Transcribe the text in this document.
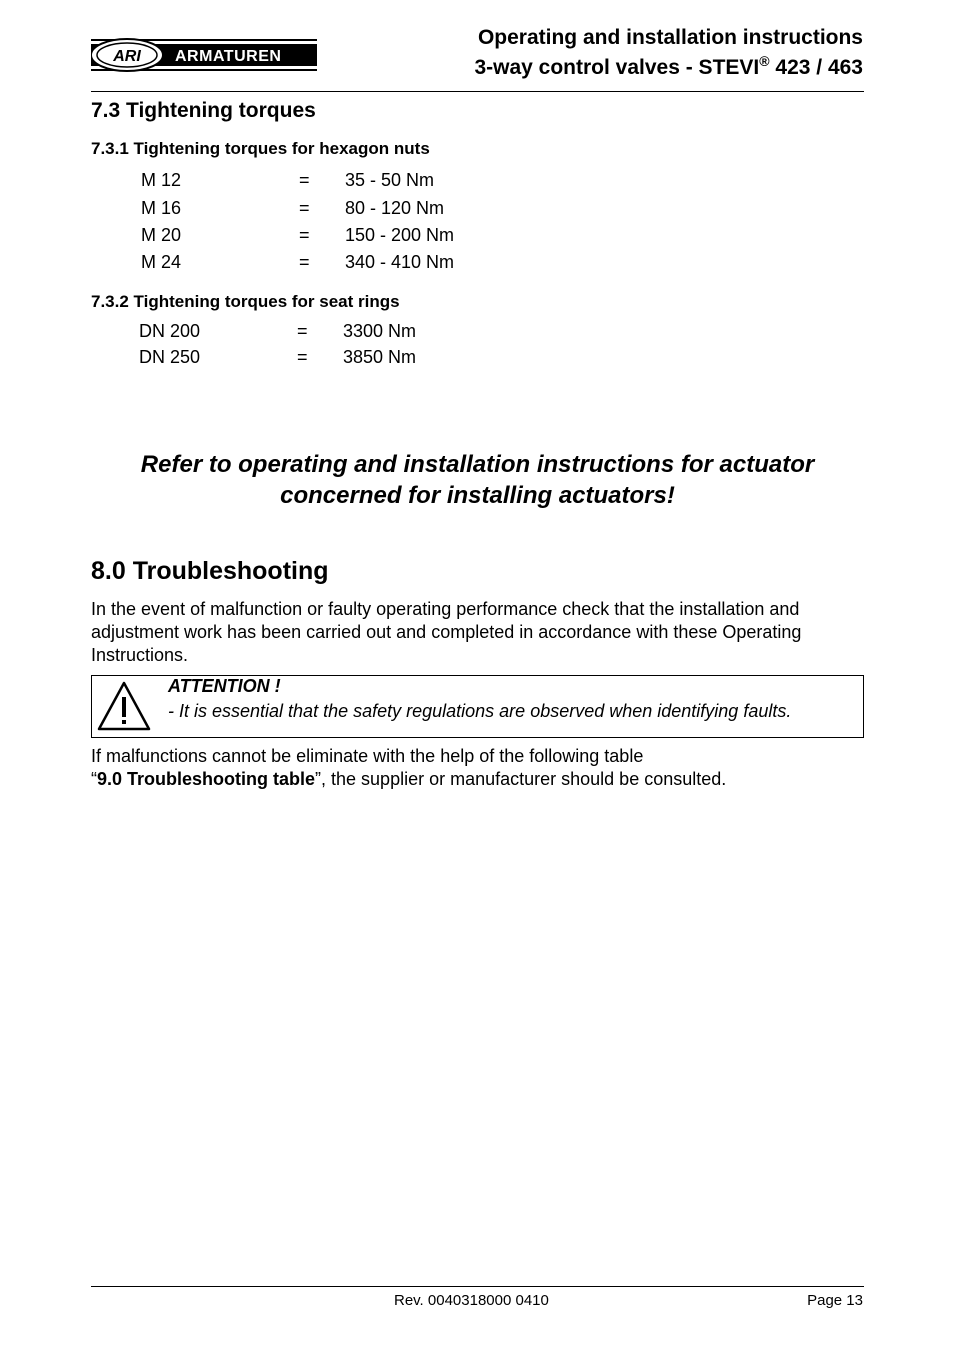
ARI ARMATUREN
Operating and installation instructions
3-way control valves - STEVI® 423 / 463
7.3 Tightening torques
7.3.1 Tightening torques for hexagon nuts
M 12	= 35 - 50 Nm
M 16	= 80 - 120 Nm
M 20	= 150 - 200 Nm
M 24	= 340 - 410 Nm
7.3.2 Tightening torques for seat rings
DN 200	= 3300 Nm
DN 250	= 3850 Nm
Refer to operating and installation instructions for actuator
concerned for installing actuators!
8.0 Troubleshooting
In the event of malfunction or faulty operating performance check that the installation and adjustment work has been carried out and completed in accordance with these Operating Instructions.
ATTENTION !
- It is essential that the safety regulations are observed when identifying faults.
If malfunctions cannot be eliminate with the help of the following table
“9.0 Troubleshooting table”, the supplier or manufacturer should be consulted.
Rev. 0040318000 0410	Page 13
